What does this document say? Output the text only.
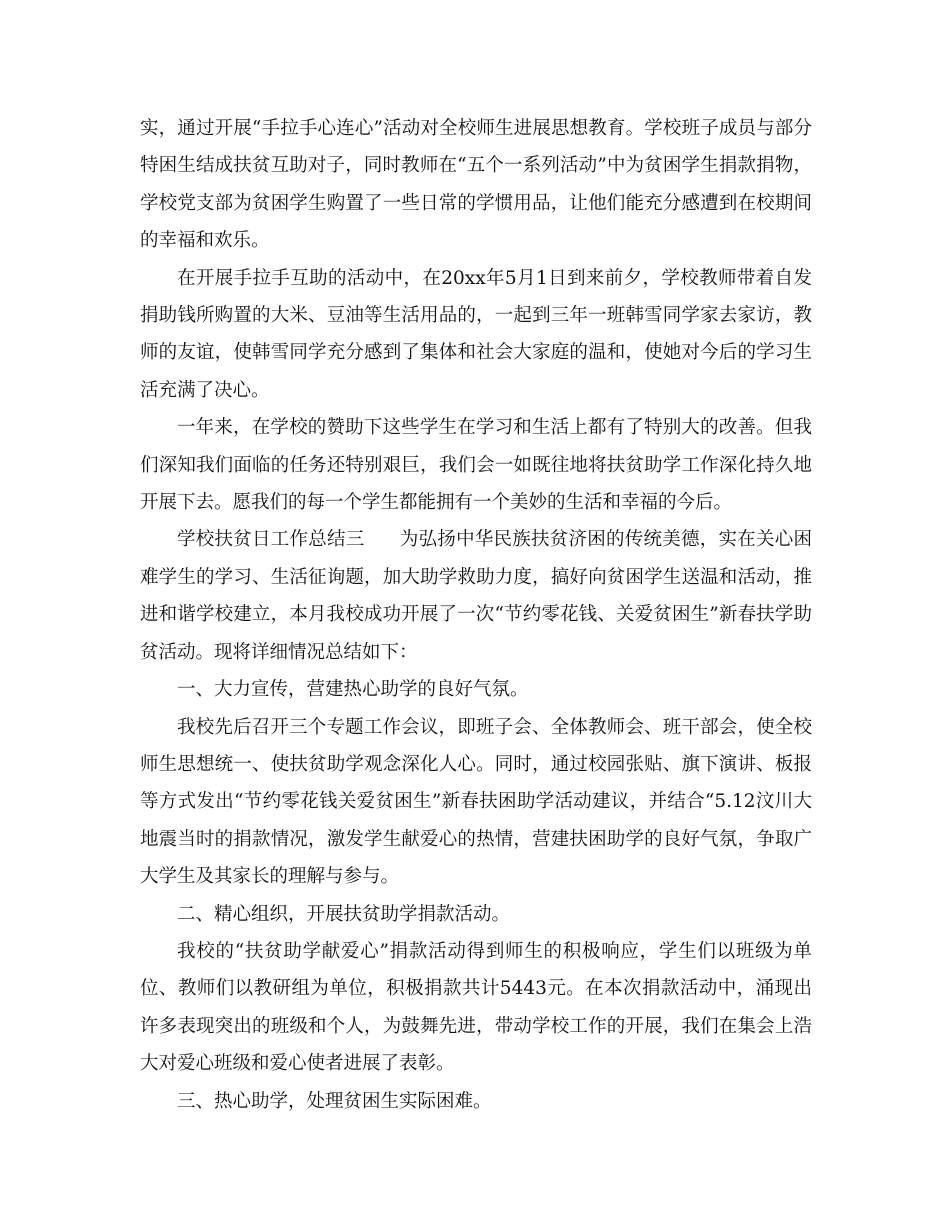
实，通过开展“手拉手心连心”活动对全校师生进展思想教育。学校班子成员与部分特困生结成扶贫互助对子，同时教师在“五个一系列活动”中为贫困学生捐款捐物，学校党支部为贫困学生购置了一些日常的学惯用品，让他们能充分感遭到在校期间的幸福和欢乐。

在开展手拉手互助的活动中，在20xx年5月1日到来前夕，学校教师带着自发捐助钱所购置的大米、豆油等生活用品的，一起到三年一班韩雪同学家去家访，教师的友谊，使韩雪同学充分感到了集体和社会大家庭的温和，使她对今后的学习生活充满了决心。

一年来，在学校的赞助下这些学生在学习和生活上都有了特别大的改善。但我们深知我们面临的任务还特别艰巨，我们会一如既往地将扶贫助学工作深化持久地开展下去。愿我们的每一个学生都能拥有一个美妙的生活和幸福的今后。

学校扶贫日工作总结三 为弘扬中华民族扶贫济困的传统美德，实在关心困难学生的学习、生活征询题，加大助学救助力度，搞好向贫困学生送温和活动，推进和谐学校建立，本月我校成功开展了一次“节约零花钱、关爱贫困生”新春扶学助贫活动。现将详细情况总结如下：

一、大力宣传，营建热心助学的良好气氛。

我校先后召开三个专题工作会议，即班子会、全体教师会、班干部会，使全校师生思想统一、使扶贫助学观念深化人心。同时，通过校园张贴、旗下演讲、板报等方式发出“节约零花钱关爱贫困生”新春扶困助学活动建议，并结合“5.12汶川大地震当时的捐款情况，激发学生献爱心的热情，营建扶困助学的良好气氛，争取广大学生及其家长的理解与参与。

二、精心组织，开展扶贫助学捐款活动。

我校的“扶贫助学献爱心”捐款活动得到师生的积极响应，学生们以班级为单位、教师们以教研组为单位，积极捐款共计5443元。在本次捐款活动中，涌现出许多表现突出的班级和个人，为鼓舞先进，带动学校工作的开展，我们在集会上浩大对爱心班级和爱心使者进展了表彰。

三、热心助学，处理贫困生实际困难。
